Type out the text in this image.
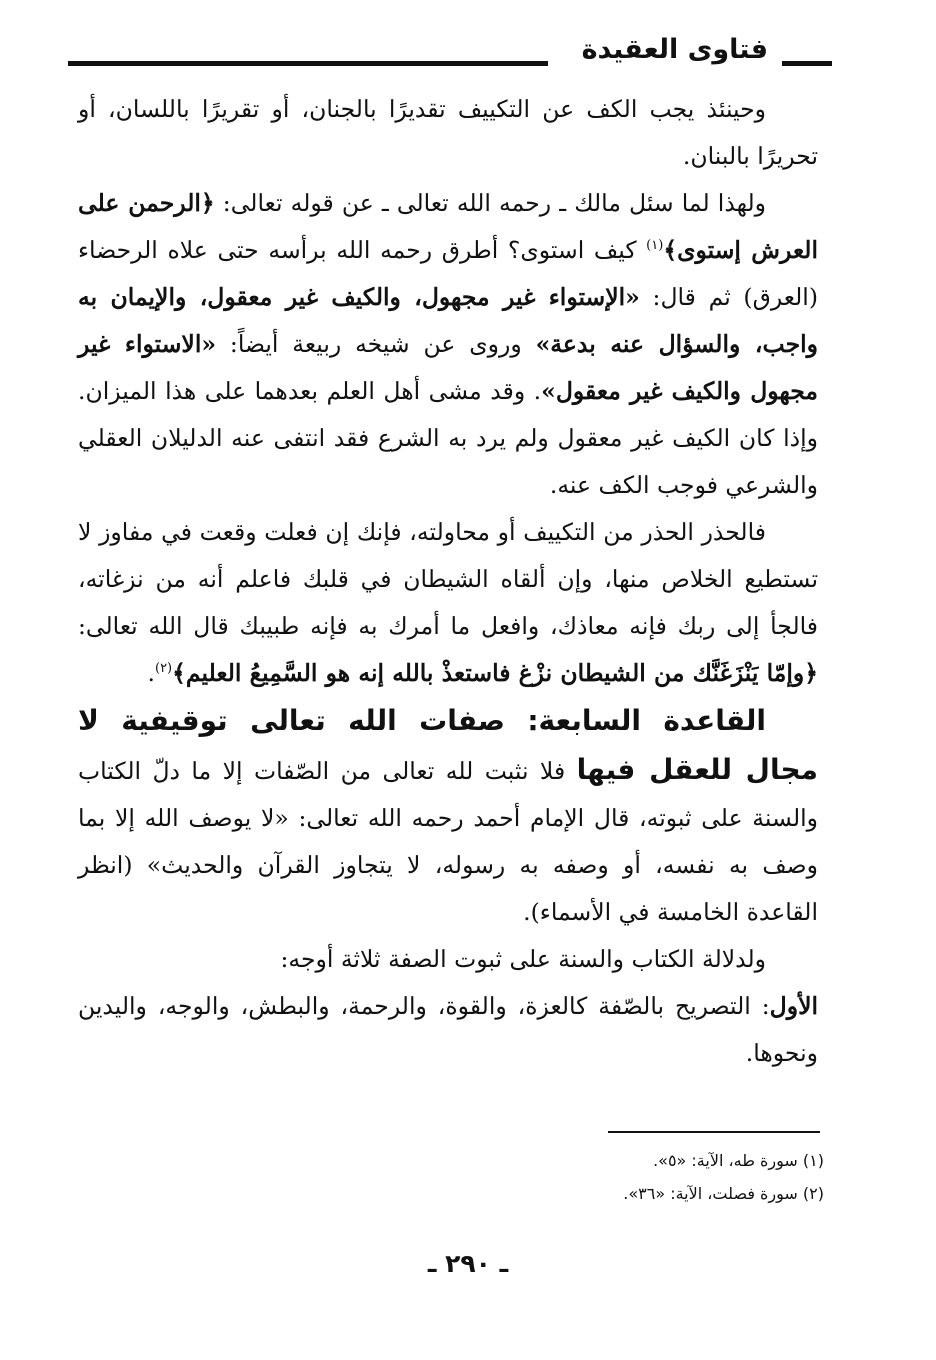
فتاوى العقيدة

وحينئذ يجب الكف عن التكييف تقديرًا بالجنان، أو تقريرًا باللسان، أو تحريرًا بالبنان.

ولهذا لما سئل مالك ـ رحمه الله تعالى ـ عن قوله تعالى: ﴿الرحمن على العرش إستوى﴾$^{(١)}$ كيف استوى؟ أطرق رحمه الله برأسه حتى علاه الرحضاء (العرق) ثم قال: «الإستواء غير مجهول، والكيف غير معقول، والإيمان به واجب، والسؤال عنه بدعة» وروى عن شيخه ربيعة أيضاً: «الاستواء غير مجهول والكيف غير معقول». وقد مشى أهل العلم بعدهما على هذا الميزان. وإذا كان الكيف غير معقول ولم يرد به الشرع فقد انتفى عنه الدليلان العقلي والشرعي فوجب الكف عنه.

فالحذر الحذر من التكييف أو محاولته، فإنك إن فعلت وقعت في مفاوز لا تستطيع الخلاص منها، وإن ألقاه الشيطان في قلبك فاعلم أنه من نزغاته، فالجأ إلى ربك فإنه معاذك، وافعل ما أمرك به فإنه طبيبك قال الله تعالى: ﴿وإمّا يَنْزَغَنَّك من الشيطان نزْغ فاستعذْ بالله إنه هو السَّمِيعُ العليم﴾$^{(٢)}$.

القاعدة السابعة: صفات الله تعالى توقيفية لا مجال للعقل فيها فلا نثبت لله تعالى من الصّفات إلا ما دلّ الكتاب والسنة على ثبوته، قال الإمام أحمد رحمه الله تعالى: «لا يوصف الله إلا بما وصف به نفسه، أو وصفه به رسوله، لا يتجاوز القرآن والحديث» (انظر القاعدة الخامسة في الأسماء).

ولدلالة الكتاب والسنة على ثبوت الصفة ثلاثة أوجه:

الأول: التصريح بالصّفة كالعزة، والقوة، والرحمة، والبطش، والوجه، واليدين ونحوها.

(١) سورة طه، الآية: «٥».
(٢) سورة فصلت، الآية: «٣٦».
ـ ٢٩٠ ـ
